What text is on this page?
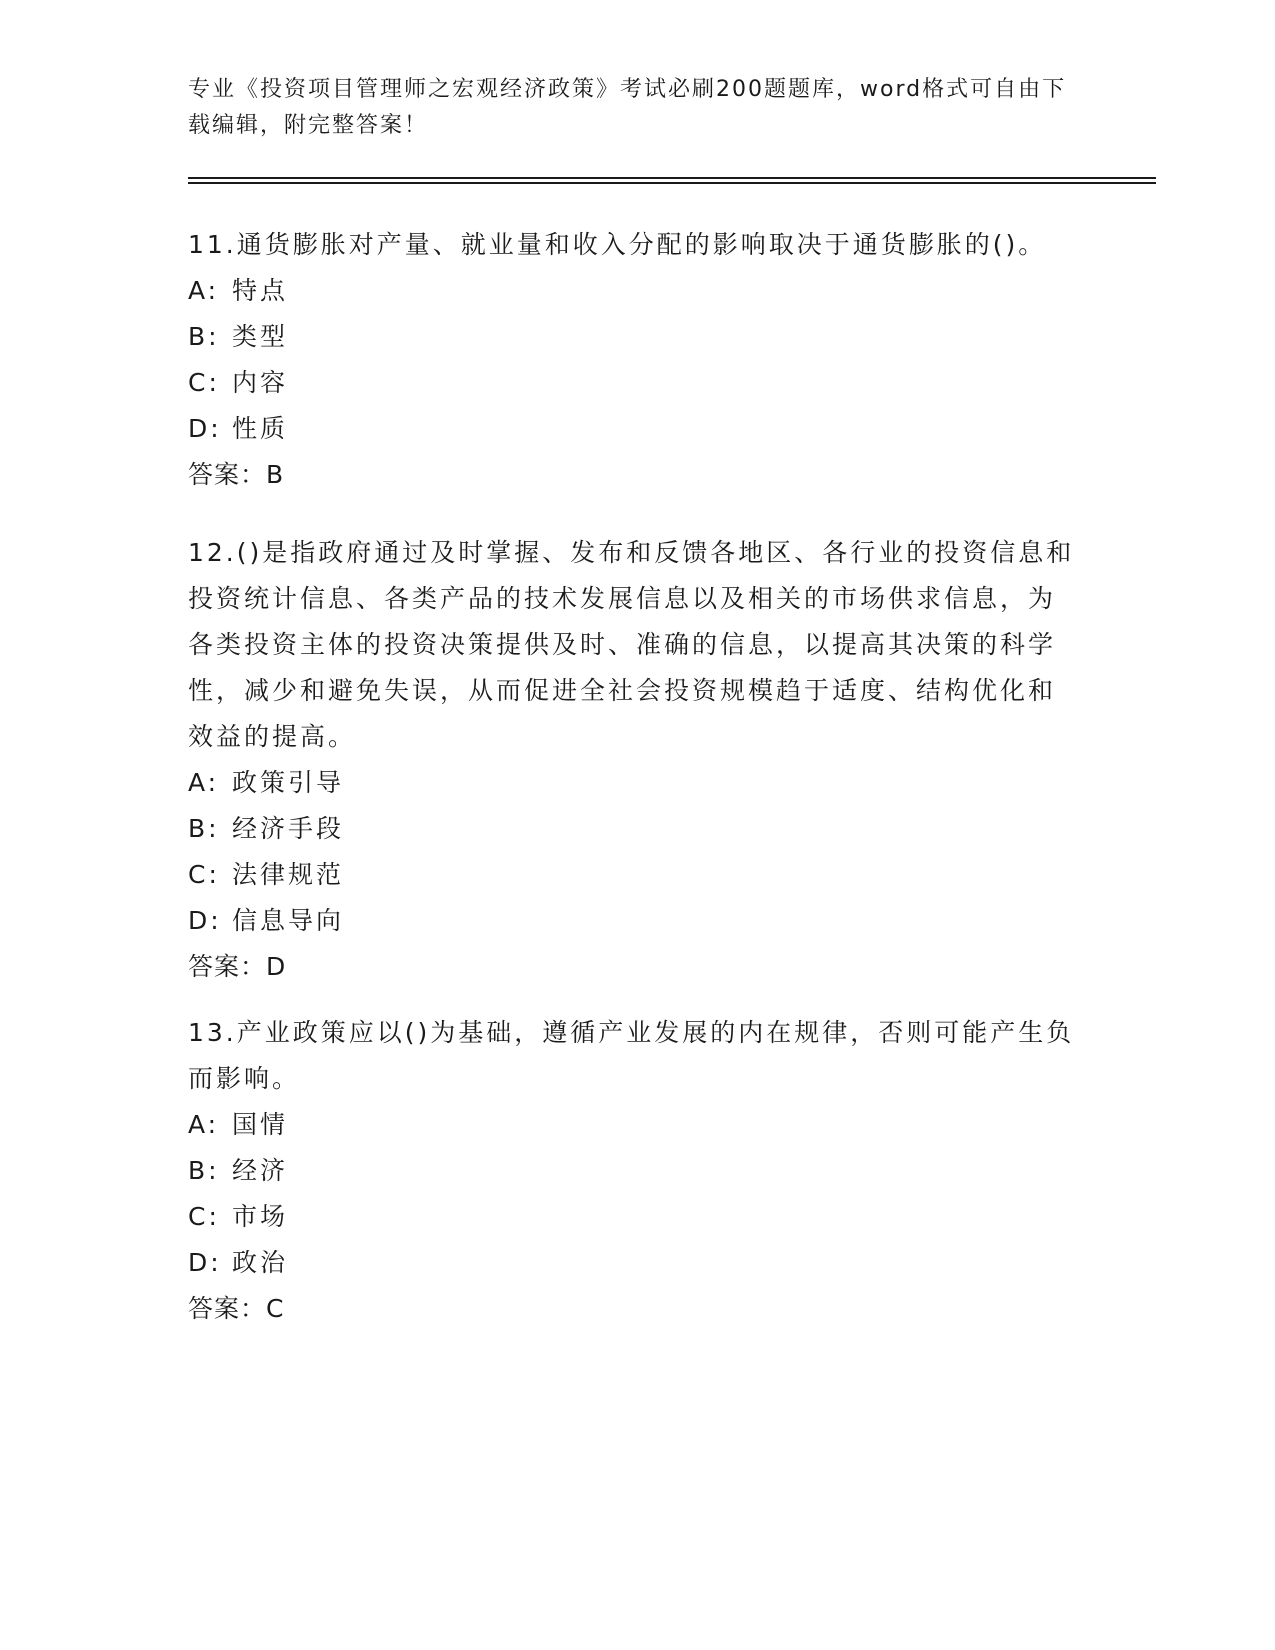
专业《投资项目管理师之宏观经济政策》考试必刷200题题库，word格式可自由下载编辑，附完整答案！

11.通货膨胀对产量、就业量和收入分配的影响取决于通货膨胀的()。

A: 特点
B: 类型
C: 内容
D: 性质
答案：B

12.()是指政府通过及时掌握、发布和反馈各地区、各行业的投资信息和投资统计信息、各类产品的技术发展信息以及相关的市场供求信息，为各类投资主体的投资决策提供及时、准确的信息，以提高其决策的科学性，减少和避免失误，从而促进全社会投资规模趋于适度、结构优化和效益的提高。

A: 政策引导
B: 经济手段
C: 法律规范
D: 信息导向
答案：D

13.产业政策应以()为基础，遵循产业发展的内在规律，否则可能产生负而影响。

A: 国情
B: 经济
C: 市场
D: 政治
答案：C
